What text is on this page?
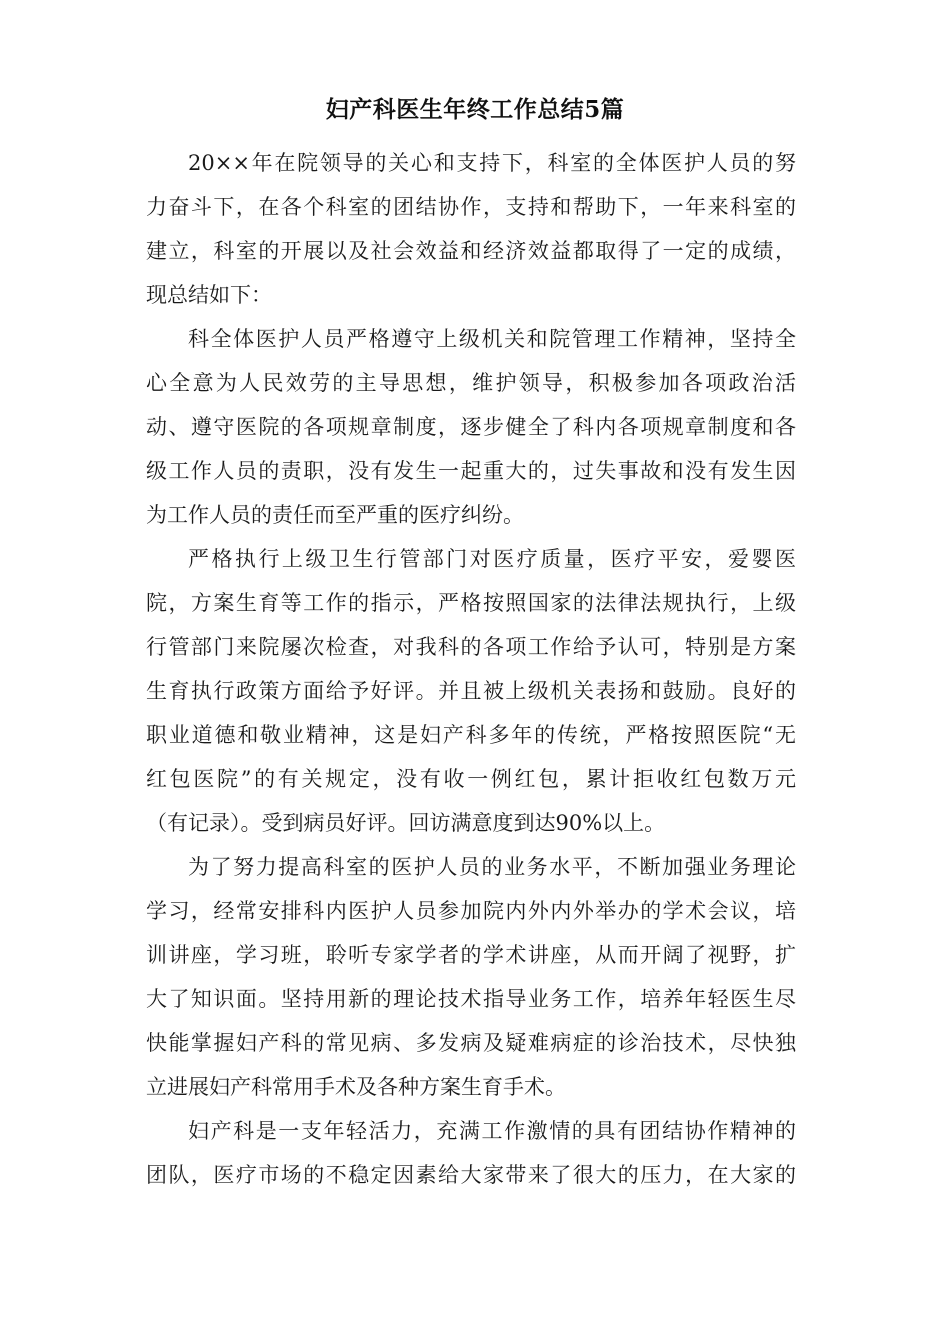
妇产科医生年终工作总结5篇
20××年在院领导的关心和支持下，科室的全体医护人员的努
力奋斗下，在各个科室的团结协作，支持和帮助下，一年来科室的
建立，科室的开展以及社会效益和经济效益都取得了一定的成绩，
现总结如下：
科全体医护人员严格遵守上级机关和院管理工作精神，坚持全
心全意为人民效劳的主导思想，维护领导，积极参加各项政治活
动、遵守医院的各项规章制度，逐步健全了科内各项规章制度和各
级工作人员的责职，没有发生一起重大的，过失事故和没有发生因
为工作人员的责任而至严重的医疗纠纷。
严格执行上级卫生行管部门对医疗质量，医疗平安，爱婴医
院，方案生育等工作的指示，严格按照国家的法律法规执行，上级
行管部门来院屡次检查，对我科的各项工作给予认可，特别是方案
生育执行政策方面给予好评。并且被上级机关表扬和鼓励。良好的
职业道德和敬业精神，这是妇产科多年的传统，严格按照医院“无
红包医院”的有关规定，没有收一例红包，累计拒收红包数万元
（有记录）。受到病员好评。回访满意度到达90%以上。
为了努力提高科室的医护人员的业务水平，不断加强业务理论
学习，经常安排科内医护人员参加院内外内外举办的学术会议，培
训讲座，学习班，聆听专家学者的学术讲座，从而开阔了视野，扩
大了知识面。坚持用新的理论技术指导业务工作，培养年轻医生尽
快能掌握妇产科的常见病、多发病及疑难病症的诊治技术，尽快独
立进展妇产科常用手术及各种方案生育手术。
妇产科是一支年轻活力，充满工作激情的具有团结协作精神的
团队，医疗市场的不稳定因素给大家带来了很大的压力，在大家的
